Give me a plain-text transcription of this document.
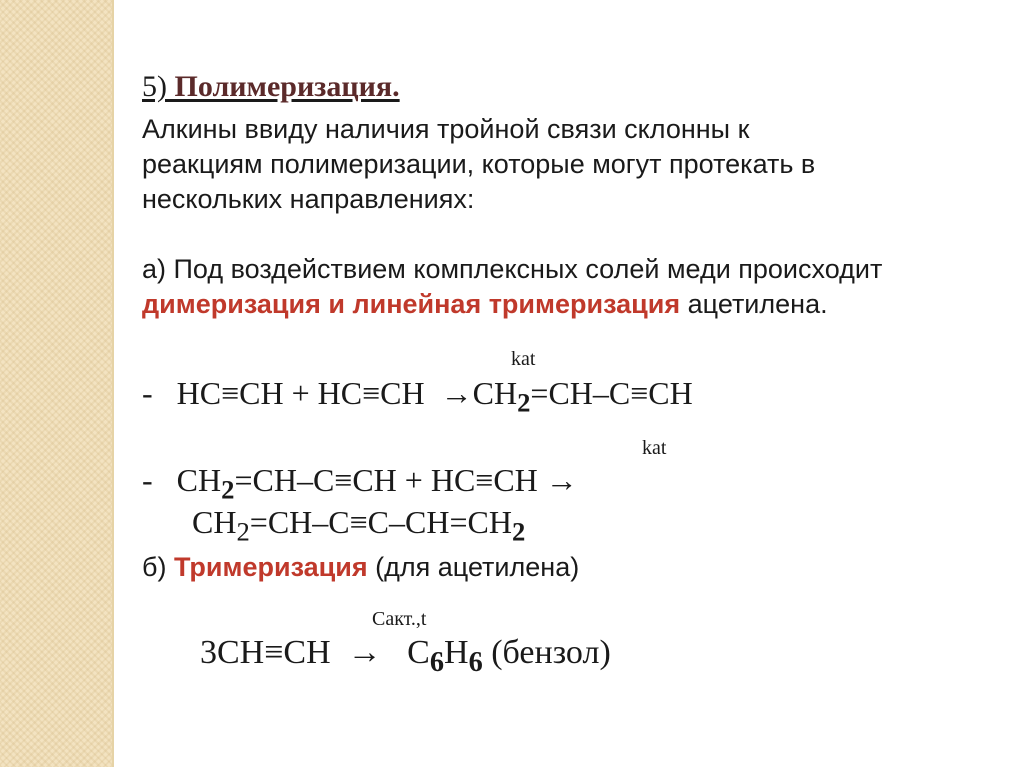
5) Полимеризация.
Алкины ввиду наличия тройной связи склонны к
реакциям полимеризации, которые могут протекать в
нескольких направлениях:
а) Под воздействием комплексных солей меди происходит
димеризация и линейная тримеризация ацетилена.
kat
- $HC\equiv CH + HC\equiv CH \to CH_2=CH-C\equiv CH$
kat
- $CH_2=CH-C\equiv CH + HC\equiv CH$ →
$CH_2=CH-C\equiv C-CH=CH_2$
б) Тримеризация (для ацетилена)
Cакт.,t
$3CH\equiv CH \to C_6H_6$ (бензол)
